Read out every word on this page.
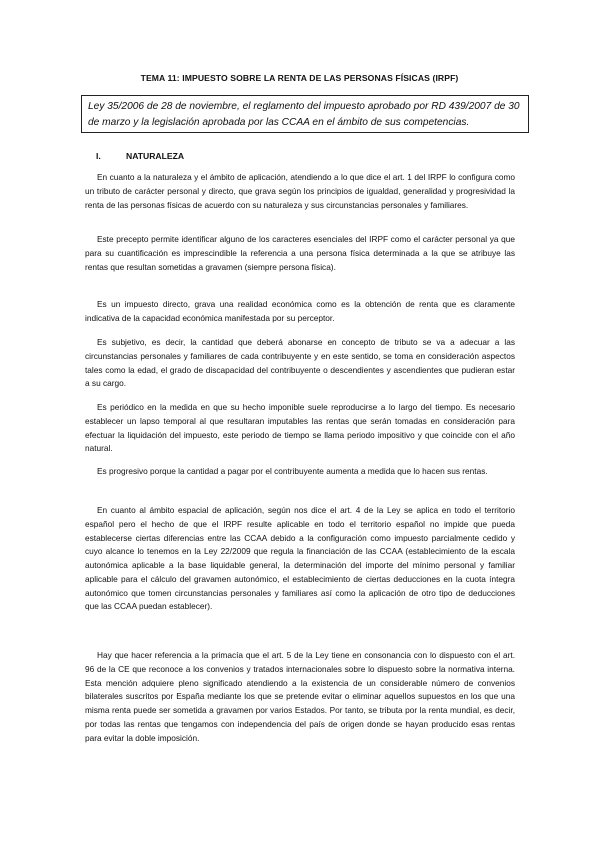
TEMA 11: IMPUESTO SOBRE LA RENTA DE LAS PERSONAS FÍSICAS (IRPF)
Ley 35/2006 de 28 de noviembre, el reglamento del impuesto aprobado por RD 439/2007 de 30 de marzo y la legislación aprobada por las CCAA en el ámbito de sus competencias.
I.	NATURALEZA

En cuanto a la naturaleza y el ámbito de aplicación, atendiendo a lo que dice el art. 1 del IRPF lo configura como un tributo de carácter personal y directo, que grava según los principios de igualdad, generalidad y progresividad la renta de las personas físicas de acuerdo con su naturaleza y sus circunstancias personales y familiares.

Este precepto permite identificar alguno de los caracteres esenciales del IRPF como el carácter personal ya que para su cuantificación es imprescindible la referencia a una persona física determinada a la que se atribuye las rentas que resultan sometidas a gravamen (siempre persona física).

Es un impuesto directo, grava una realidad económica como es la obtención de renta que es claramente indicativa de la capacidad económica manifestada por su perceptor.

Es subjetivo, es decir, la cantidad que deberá abonarse en concepto de tributo se va a adecuar a las circunstancias personales y familiares de cada contribuyente y en este sentido, se toma en consideración aspectos tales como la edad, el grado de discapacidad del contribuyente o descendientes y ascendientes que pudieran estar a su cargo.

Es periódico en la medida en que su hecho imponible suele reproducirse a lo largo del tiempo. Es necesario establecer un lapso temporal al que resultaran imputables las rentas que serán tomadas en consideración para efectuar la liquidación del impuesto, este periodo de tiempo se llama periodo impositivo y que coincide con el año natural.

Es progresivo porque la cantidad a pagar por el contribuyente aumenta a medida que lo hacen sus rentas.

En cuanto al ámbito espacial de aplicación, según nos dice el art. 4 de la Ley se aplica en todo el territorio español pero el hecho de que el IRPF resulte aplicable en todo el territorio español no impide que pueda establecerse ciertas diferencias entre las CCAA debido a la configuración como impuesto parcialmente cedido y cuyo alcance lo tenemos en la Ley 22/2009 que regula la financiación de las CCAA (establecimiento de la escala autonómica aplicable a la base liquidable general, la determinación del importe del mínimo personal y familiar aplicable para el cálculo del gravamen autonómico, el establecimiento de ciertas deducciones en la cuota íntegra autonómico que tomen circunstancias personales y familiares así como la aplicación de otro tipo de deducciones que las CCAA puedan establecer).

Hay que hacer referencia a la primacía que el art. 5 de la Ley tiene en consonancia con lo dispuesto con el art. 96 de la CE que reconoce a los convenios y tratados internacionales sobre lo dispuesto sobre la normativa interna. Esta mención adquiere pleno significado atendiendo a la existencia de un considerable número de convenios bilaterales suscritos por España mediante los que se pretende evitar o eliminar aquellos supuestos en los que una misma renta puede ser sometida a gravamen por varios Estados. Por tanto, se tributa por la renta mundial, es decir, por todas las rentas que tengamos con independencia del país de origen donde se hayan producido esas rentas para evitar la doble imposición.
